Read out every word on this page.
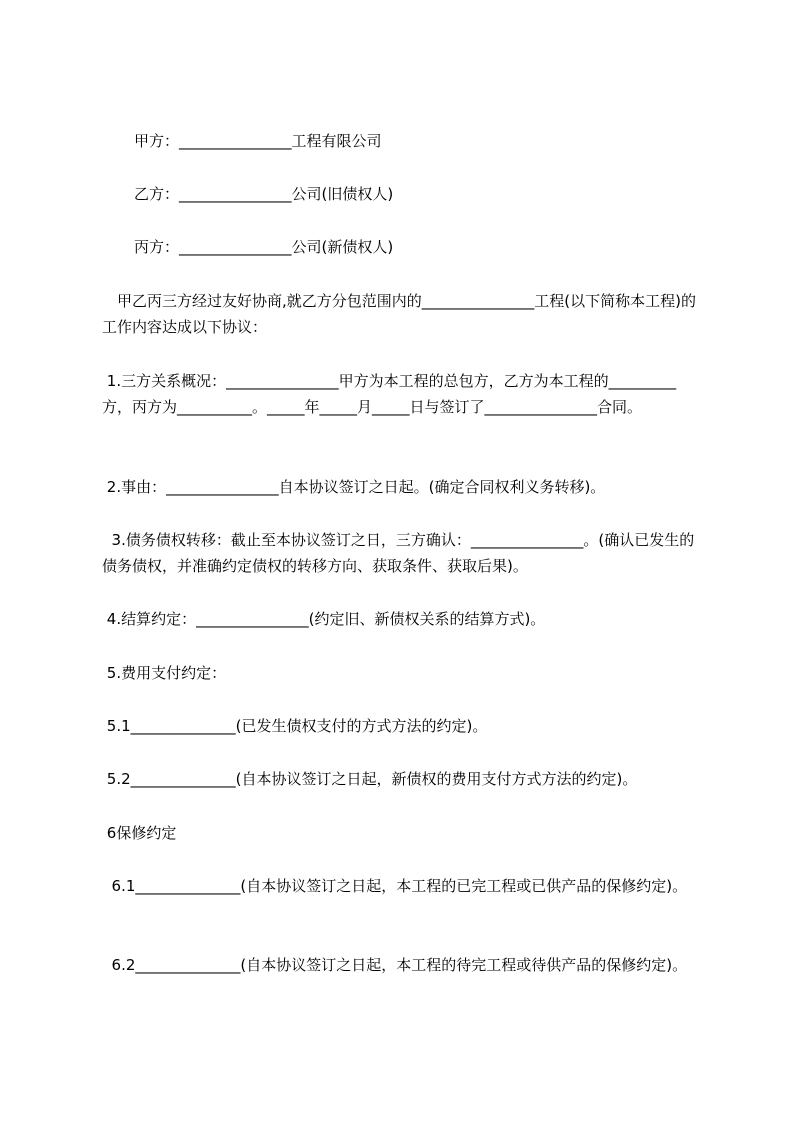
甲方：_______________工程有限公司

乙方：_______________公司(旧债权人)

丙方：_______________公司(新债权人)

　甲乙丙三方经过友好协商,就乙方分包范围内的_______________工程(以下简称本工程)的工作内容达成以下协议：

1.三方关系概况：_______________甲方为本工程的总包方，乙方为本工程的_________方，丙方为__________。_____年_____月_____日与签订了_______________合同。

2.事由：_______________自本协议签订之日起。(确定合同权利义务转移)。

3.债务债权转移：截止至本协议签订之日，三方确认：_______________。(确认已发生的债务债权，并准确约定债权的转移方向、获取条件、获取后果)。

4.结算约定：_______________(约定旧、新债权关系的结算方式)。

5.费用支付约定：

5.1______________(已发生债权支付的方式方法的约定)。

5.2______________(自本协议签订之日起，新债权的费用支付方式方法的约定)。

6保修约定

6.1______________(自本协议签订之日起，本工程的已完工程或已供产品的保修约定)。

6.2______________(自本协议签订之日起，本工程的待完工程或待供产品的保修约定)。
